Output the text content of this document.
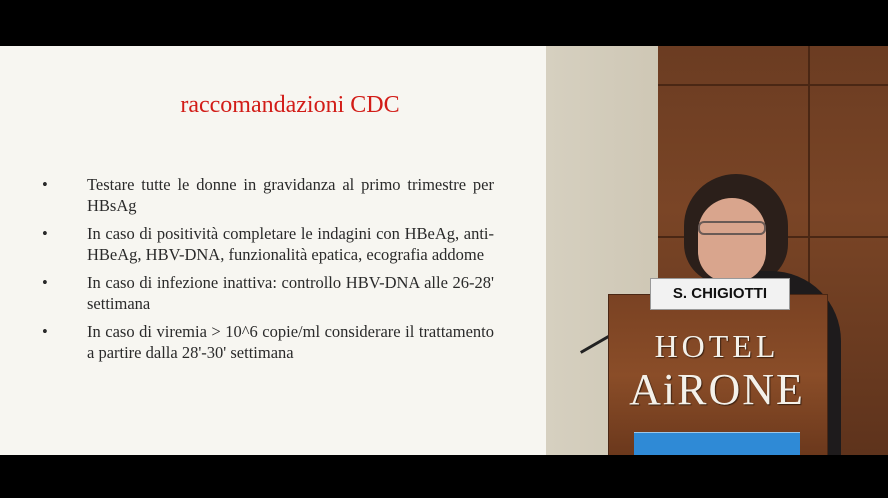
raccomandazioni CDC
• Testare tutte le donne in gravidanza al primo trimestre per HBsAg
• In caso di positività completare le indagini con HBeAg, anti-HBeAg, HBV-DNA, funzionalità epatica, ecografia addome
• In caso di infezione inattiva: controllo HBV-DNA alle 26-28' settimana
• In caso di viremia > 10^6 copie/ml considerare il trattamento a partire dalla 28'-30' settimana
S. CHIGIOTTI
HOTEL
AiRONE
